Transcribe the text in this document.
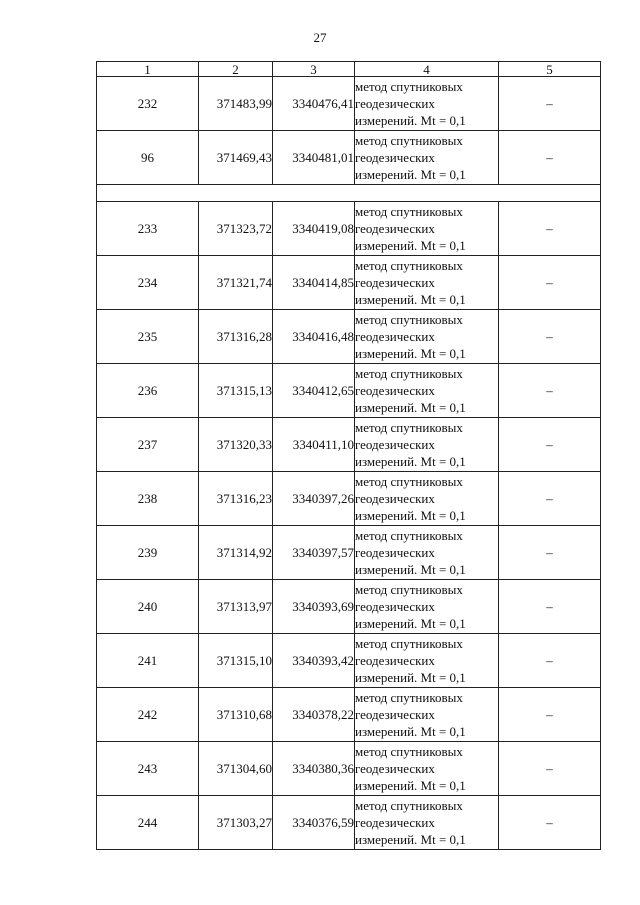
27
1	2	3	4	5
232	371483,99	3340476,41	метод спутниковых геодезических измерений. Mt = 0,1	–
96	371469,43	3340481,01	метод спутниковых геодезических измерений. Mt = 0,1	–

233	371323,72	3340419,08	метод спутниковых геодезических измерений. Mt = 0,1	–
234	371321,74	3340414,85	метод спутниковых геодезических измерений. Mt = 0,1	–
235	371316,28	3340416,48	метод спутниковых геодезических измерений. Mt = 0,1	–
236	371315,13	3340412,65	метод спутниковых геодезических измерений. Mt = 0,1	–
237	371320,33	3340411,10	метод спутниковых геодезических измерений. Mt = 0,1	–
238	371316,23	3340397,26	метод спутниковых геодезических измерений. Mt = 0,1	–
239	371314,92	3340397,57	метод спутниковых геодезических измерений. Mt = 0,1	–
240	371313,97	3340393,69	метод спутниковых геодезических измерений. Mt = 0,1	–
241	371315,10	3340393,42	метод спутниковых геодезических измерений. Mt = 0,1	–
242	371310,68	3340378,22	метод спутниковых геодезических измерений. Mt = 0,1	–
243	371304,60	3340380,36	метод спутниковых геодезических измерений. Mt = 0,1	–
244	371303,27	3340376,59	метод спутниковых геодезических измерений. Mt = 0,1	–
